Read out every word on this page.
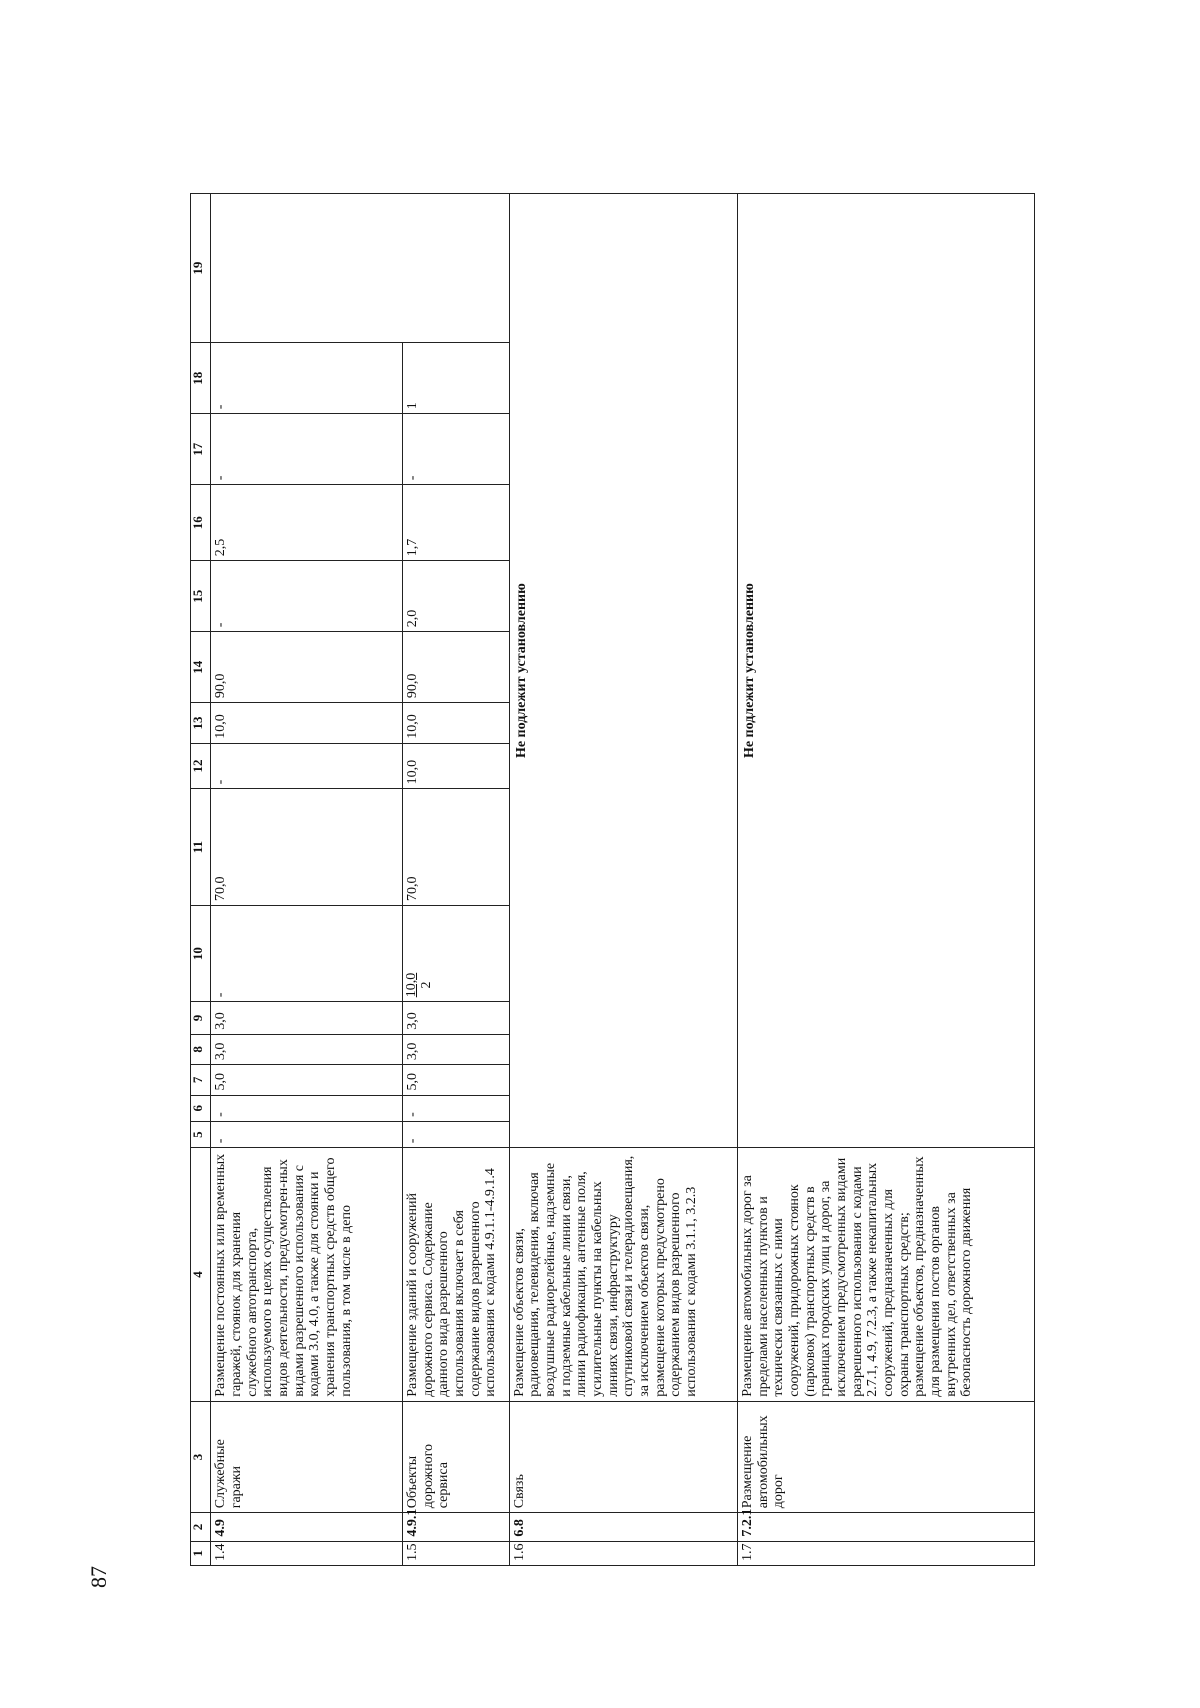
87
1	2	3	4	5	6	7	8	9	10	11	12	13	14	15	16	17	18	19
1.4	4.9	Служебные гаражи	Размещение постоянных или временных гаражей, стоянок для хранения служебного автотранспорта, используемого в целях осуществления видов деятельности, предусмотрен-ных видами разрешенного использования с кодами 3.0, 4.0, а также для стоянки и хранения транспортных средств общего пользования, в том числе в депо	-	-	5,0	3,0	3,0	-	70,0	-	10,0	90,0	-	2,5	-	-	
1.5	4.9.1	Объекты дорожного сервиса	Размещение зданий и сооружений дорожного сервиса. Содержание данного вида разрешенного использования включает в себя содержание видов разрешенного использования с кодами 4.9.1.1-4.9.1.4	-	-	5,0	3,0	3,0	10,0 2	70,0	10,0	10,0	90,0	2,0	1,7	-	1	
1.6	6.8	Связь	Размещение объектов связи, радиовещания, телевидения, включая воздушные радиорелейные, надземные и подземные кабельные линии связи, линии радиофикации, антенные поля, усилительные пункты на кабельных линиях связи, инфраструктуру спутниковой связи и телерадиовещания, за исключением объектов связи, размещение которых предусмотрено содержанием видов разрешенного использования с кодами 3.1.1, 3.2.3	Не подлежит установлению														
1.7	7.2.1	Размещение автомобильных дорог	Размещение автомобильных дорог за пределами населенных пунктов и технически связанных с ними сооружений, придорожных стоянок (парковок) транспортных средств в границах городских улиц и дорог, за исключением предусмотренных видами разрешенного использования с кодами 2.7.1, 4.9, 7.2.3, а также некапитальных сооружений, предназначенных для охраны транспортных средств; размещение объектов, предназначенных для размещения постов органов внутренних дел, ответственных за безопасность дорожного движения	Не подлежит установлению														
